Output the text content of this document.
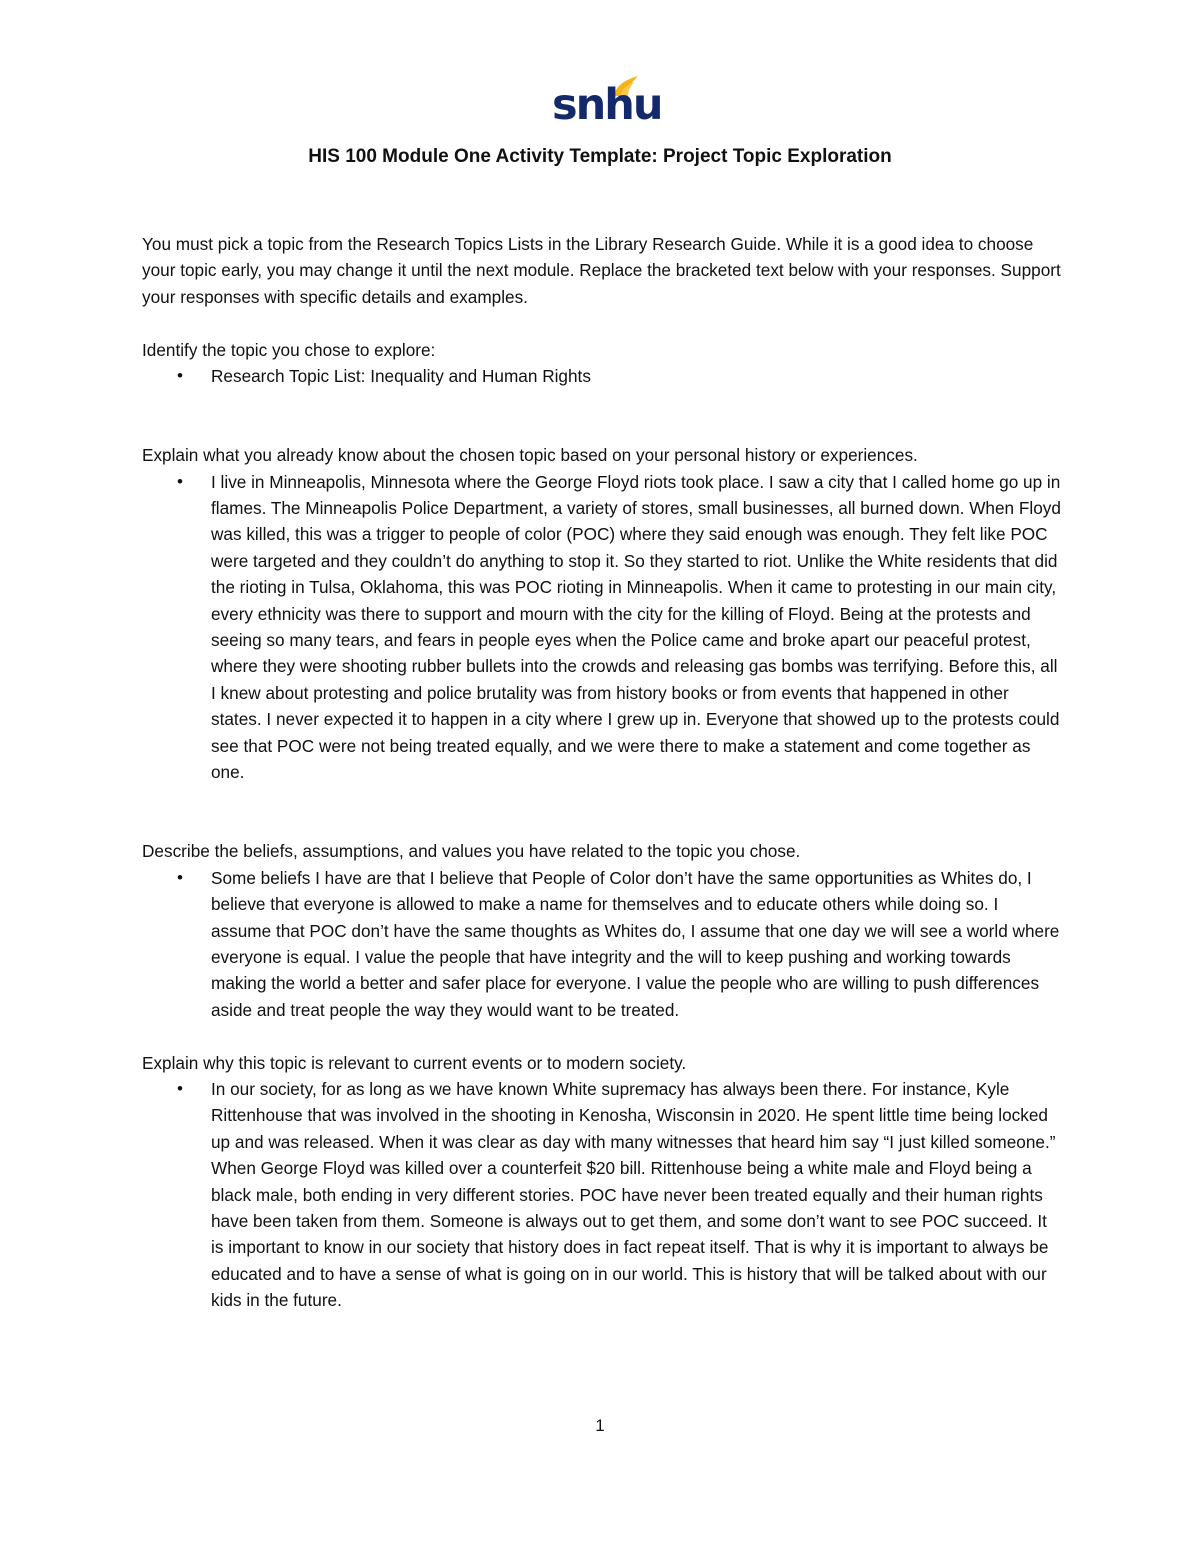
snhu
HIS 100 Module One Activity Template: Project Topic Exploration

You must pick a topic from the Research Topics Lists in the Library Research Guide. While it is a good idea to choose your topic early, you may change it until the next module. Replace the bracketed text below with your responses. Support your responses with specific details and examples.

Identify the topic you chose to explore:

• Research Topic List: Inequality and Human Rights

Explain what you already know about the chosen topic based on your personal history or experiences.

• I live in Minneapolis, Minnesota where the George Floyd riots took place. I saw a city that I called home go up in flames. The Minneapolis Police Department, a variety of stores, small businesses, all burned down. When Floyd was killed, this was a trigger to people of color (POC) where they said enough was enough. They felt like POC were targeted and they couldn’t do anything to stop it. So they started to riot. Unlike the White residents that did the rioting in Tulsa, Oklahoma, this was POC rioting in Minneapolis. When it came to protesting in our main city, every ethnicity was there to support and mourn with the city for the killing of Floyd. Being at the protests and seeing so many tears, and fears in people eyes when the Police came and broke apart our peaceful protest, where they were shooting rubber bullets into the crowds and releasing gas bombs was terrifying. Before this, all I knew about protesting and police brutality was from history books or from events that happened in other states. I never expected it to happen in a city where I grew up in. Everyone that showed up to the protests could see that POC were not being treated equally, and we were there to make a statement and come together as one.

Describe the beliefs, assumptions, and values you have related to the topic you chose.

• Some beliefs I have are that I believe that People of Color don’t have the same opportunities as Whites do, I believe that everyone is allowed to make a name for themselves and to educate others while doing so. I assume that POC don’t have the same thoughts as Whites do, I assume that one day we will see a world where everyone is equal. I value the people that have integrity and the will to keep pushing and working towards making the world a better and safer place for everyone. I value the people who are willing to push differences aside and treat people the way they would want to be treated.

Explain why this topic is relevant to current events or to modern society.

• In our society, for as long as we have known White supremacy has always been there. For instance, Kyle Rittenhouse that was involved in the shooting in Kenosha, Wisconsin in 2020. He spent little time being locked up and was released. When it was clear as day with many witnesses that heard him say “I just killed someone.” When George Floyd was killed over a counterfeit $20 bill. Rittenhouse being a white male and Floyd being a black male, both ending in very different stories. POC have never been treated equally and their human rights have been taken from them. Someone is always out to get them, and some don’t want to see POC succeed. It is important to know in our society that history does in fact repeat itself. That is why it is important to always be educated and to have a sense of what is going on in our world. This is history that will be talked about with our kids in the future.
1
